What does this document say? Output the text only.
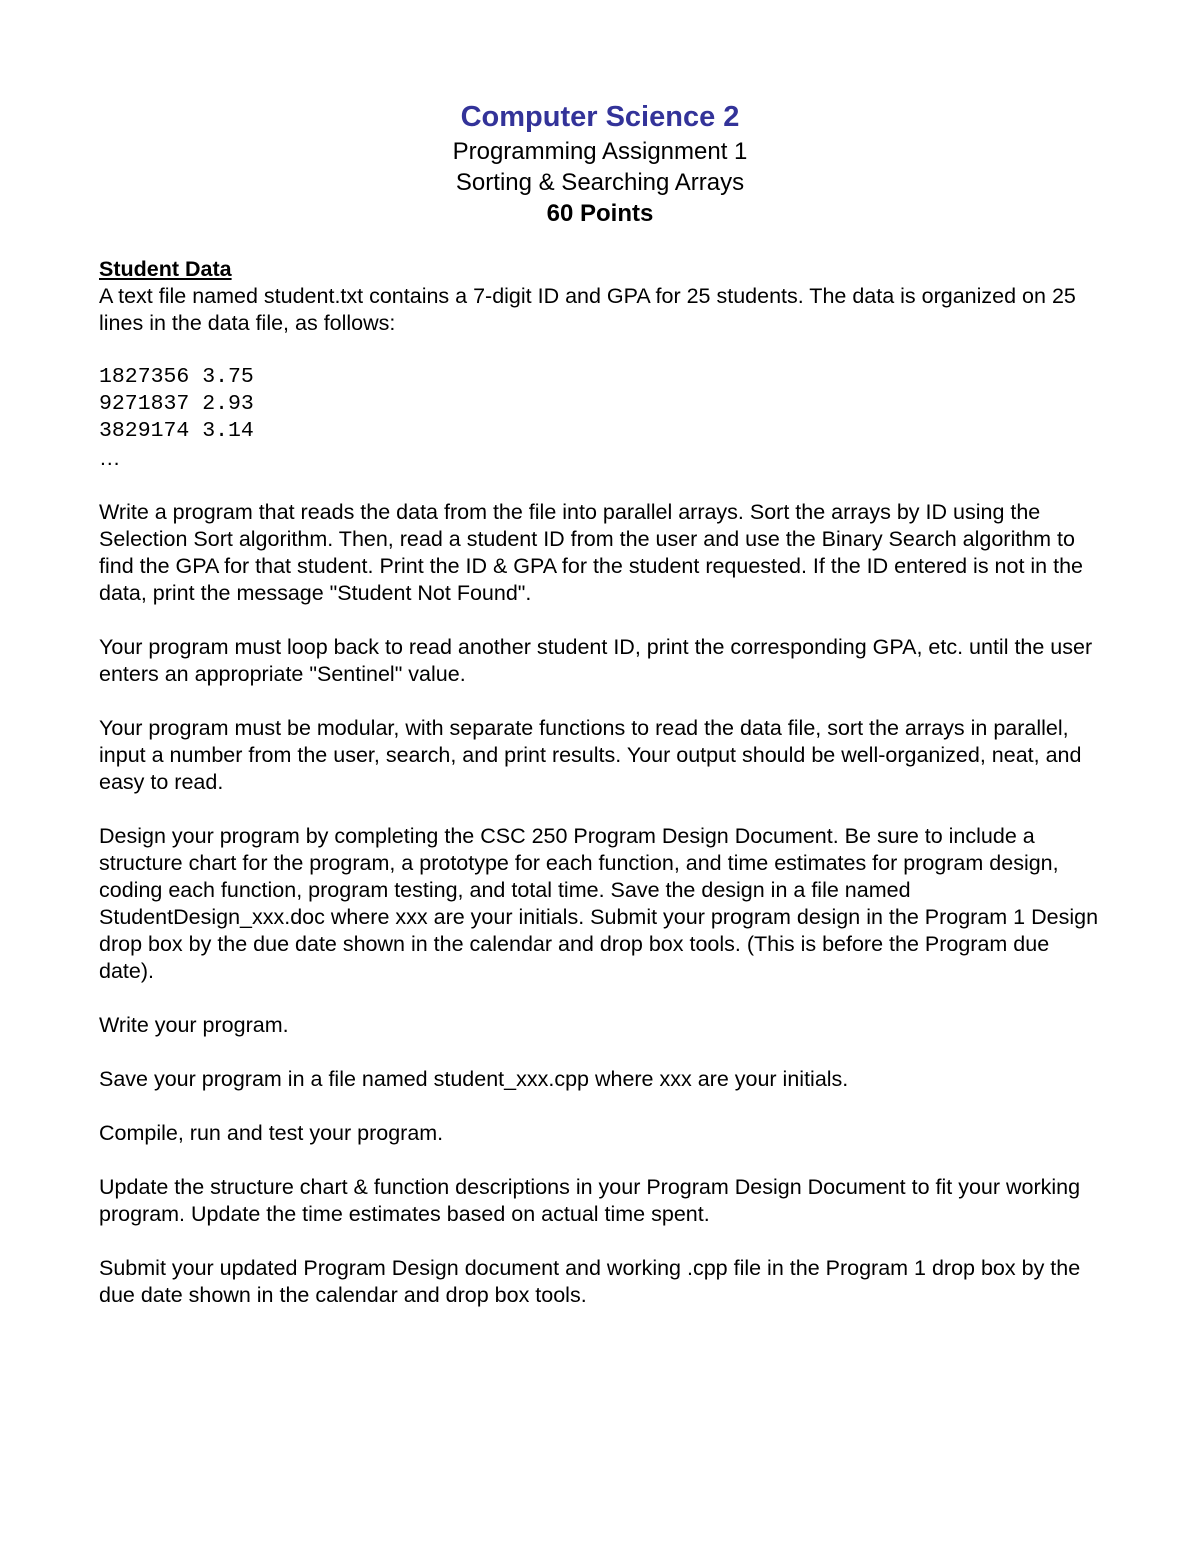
Computer Science 2

Programming Assignment 1

Sorting & Searching Arrays

60 Points

Student Data

A text file named student.txt contains a 7-digit ID and GPA for 25 students. The data is organized on 25 lines in the data file, as follows:

1827356 3.75

9271837 2.93

3829174 3.14

…

Write a program that reads the data from the file into parallel arrays. Sort the arrays by ID using the Selection Sort algorithm. Then, read a student ID from the user and use the Binary Search algorithm to find the GPA for that student. Print the ID & GPA for the student requested. If the ID entered is not in the data, print the message "Student Not Found".

Your program must loop back to read another student ID, print the corresponding GPA, etc. until the user enters an appropriate "Sentinel" value.

Your program must be modular, with separate functions to read the data file, sort the arrays in parallel, input a number from the user, search, and print results. Your output should be well-organized, neat, and easy to read.

Design your program by completing the CSC 250 Program Design Document. Be sure to include a structure chart for the program, a prototype for each function, and time estimates for program design, coding each function, program testing, and total time. Save the design in a file named StudentDesign_xxx.doc where xxx are your initials. Submit your program design in the Program 1 Design drop box by the due date shown in the calendar and drop box tools. (This is before the Program due date).

Write your program.

Save your program in a file named student_xxx.cpp where xxx are your initials.

Compile, run and test your program.

Update the structure chart & function descriptions in your Program Design Document to fit your working program. Update the time estimates based on actual time spent.

Submit your updated Program Design document and working .cpp file in the Program 1 drop box by the due date shown in the calendar and drop box tools.
